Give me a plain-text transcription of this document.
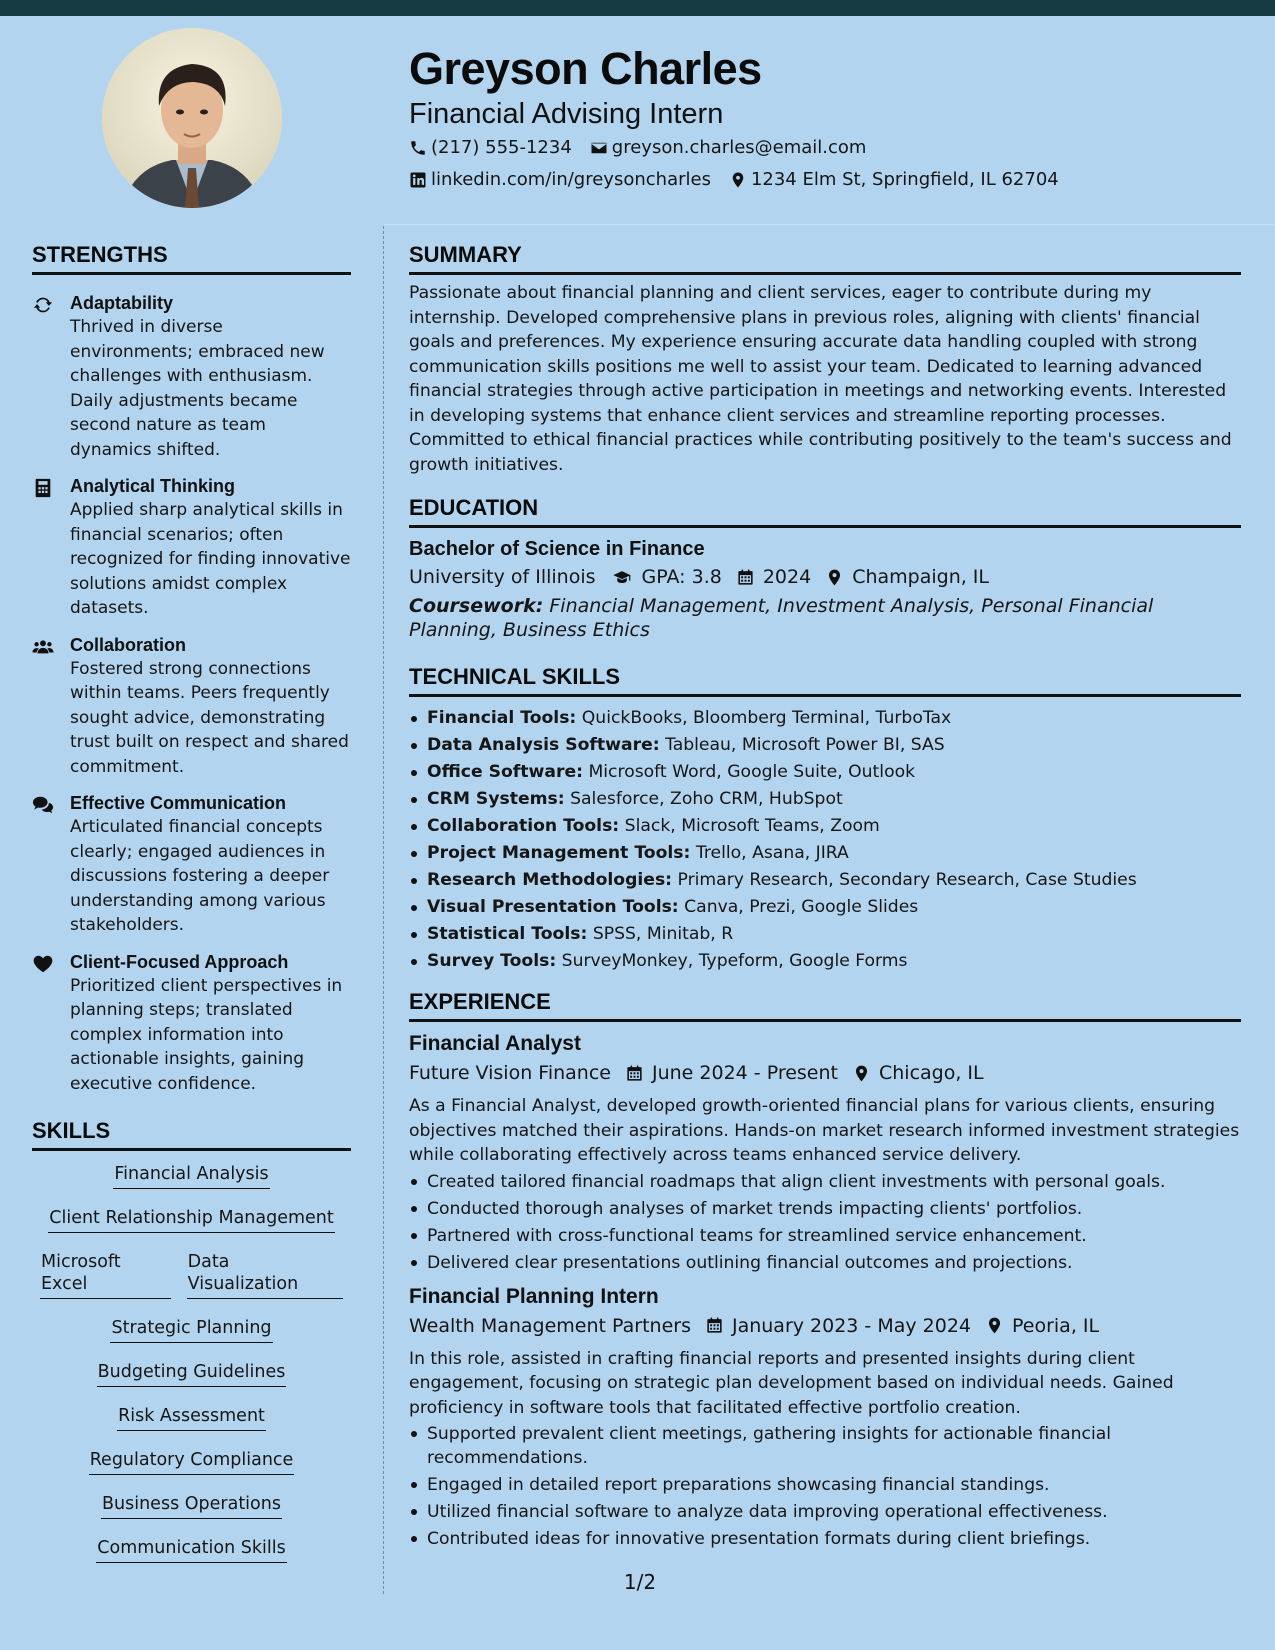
Greyson Charles
Financial Advising Intern
(217) 555-1234 greyson.charles@email.com
linkedin.com/in/greysoncharles 1234 Elm St, Springfield, IL 62704
STRENGTHS
Adaptability
Thrived in diverse environments; embraced new challenges with enthusiasm. Daily adjustments became second nature as team dynamics shifted.
Analytical Thinking
Applied sharp analytical skills in financial scenarios; often recognized for finding innovative solutions amidst complex datasets.
Collaboration
Fostered strong connections within teams. Peers frequently sought advice, demonstrating trust built on respect and shared commitment.
Effective Communication
Articulated financial concepts clearly; engaged audiences in discussions fostering a deeper understanding among various stakeholders.
Client-Focused Approach
Prioritized client perspectives in planning steps; translated complex information into actionable insights, gaining executive confidence.
SKILLS
Financial Analysis
Client Relationship Management
Microsoft Excel
Data Visualization
Strategic Planning
Budgeting Guidelines
Risk Assessment
Regulatory Compliance
Business Operations
Communication Skills
SUMMARY
Passionate about financial planning and client services, eager to contribute during my internship. Developed comprehensive plans in previous roles, aligning with clients' financial goals and preferences. My experience ensuring accurate data handling coupled with strong communication skills positions me well to assist your team. Dedicated to learning advanced financial strategies through active participation in meetings and networking events. Interested in developing systems that enhance client services and streamline reporting processes. Committed to ethical financial practices while contributing positively to the team's success and growth initiatives.
EDUCATION
Bachelor of Science in Finance
University of Illinois GPA: 3.8 2024 Champaign, IL
Coursework: Financial Management, Investment Analysis, Personal Financial Planning, Business Ethics
TECHNICAL SKILLS
Financial Tools: QuickBooks, Bloomberg Terminal, TurboTax
Data Analysis Software: Tableau, Microsoft Power BI, SAS
Office Software: Microsoft Word, Google Suite, Outlook
CRM Systems: Salesforce, Zoho CRM, HubSpot
Collaboration Tools: Slack, Microsoft Teams, Zoom
Project Management Tools: Trello, Asana, JIRA
Research Methodologies: Primary Research, Secondary Research, Case Studies
Visual Presentation Tools: Canva, Prezi, Google Slides
Statistical Tools: SPSS, Minitab, R
Survey Tools: SurveyMonkey, Typeform, Google Forms
EXPERIENCE
Financial Analyst
Future Vision Finance June 2024 - Present Chicago, IL
As a Financial Analyst, developed growth-oriented financial plans for various clients, ensuring objectives matched their aspirations. Hands-on market research informed investment strategies while collaborating effectively across teams enhanced service delivery.
Created tailored financial roadmaps that align client investments with personal goals.
Conducted thorough analyses of market trends impacting clients' portfolios.
Partnered with cross-functional teams for streamlined service enhancement.
Delivered clear presentations outlining financial outcomes and projections.
Financial Planning Intern
Wealth Management Partners January 2023 - May 2024 Peoria, IL
In this role, assisted in crafting financial reports and presented insights during client engagement, focusing on strategic plan development based on individual needs. Gained proficiency in software tools that facilitated effective portfolio creation.
Supported prevalent client meetings, gathering insights for actionable financial recommendations.
Engaged in detailed report preparations showcasing financial standings.
Utilized financial software to analyze data improving operational effectiveness.
Contributed ideas for innovative presentation formats during client briefings.
1/2
